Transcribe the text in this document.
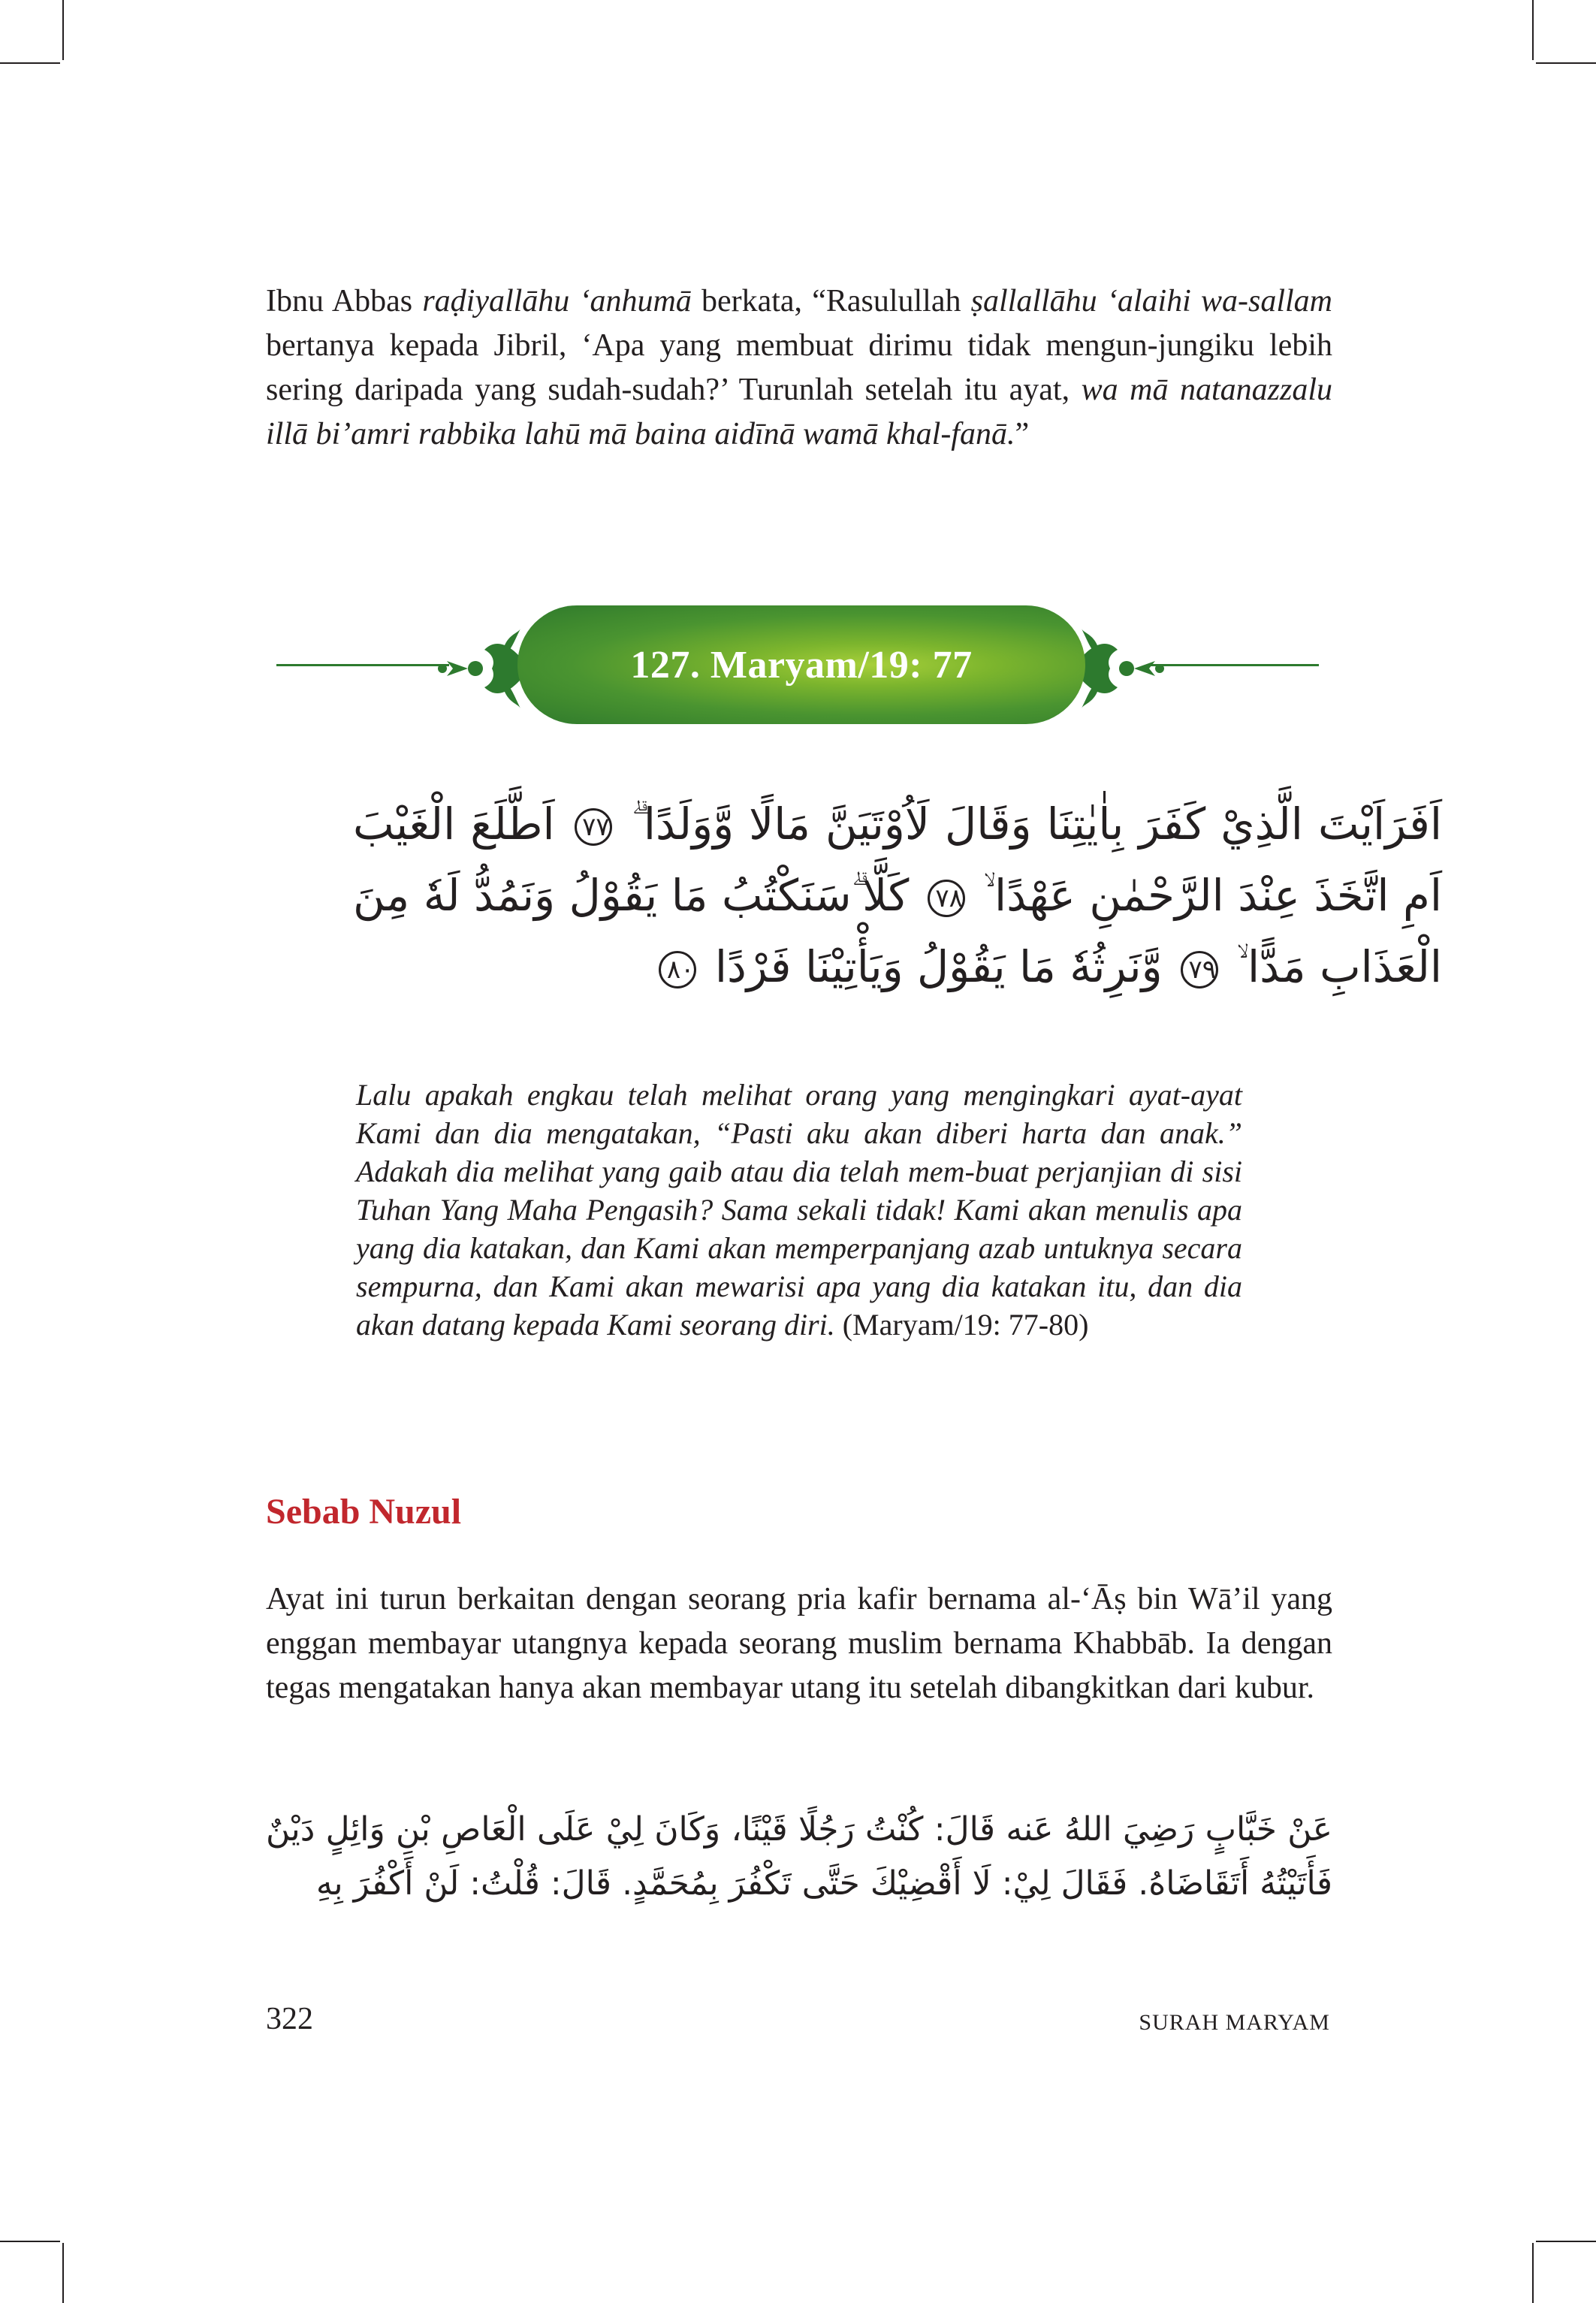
Ibnu Abbas raḍiyallāhu ‘anhumā berkata, “Rasulullah ṣallallāhu ‘alaihi wa-sallam bertanya kepada Jibril, ‘Apa yang membuat dirimu tidak mengun-jungiku lebih sering daripada yang sudah-sudah?’ Turunlah setelah itu ayat, wa mā natanazzalu illā bi’amri rabbika lahū mā baina aidīnā wamā khal-fanā.”

127. Maryam/19: 77
اَفَرَاَيْتَ الَّذِيْ كَفَرَ بِاٰيٰتِنَا وَقَالَ لَاُوْتَيَنَّ مَالًا وَّوَلَدًا ۗ ٧٧ اَطَّلَعَ الْغَيْبَ اَمِ اتَّخَذَ عِنْدَ الرَّحْمٰنِ عَهْدًا ۙ ٧٨ كَلَّا ۗسَنَكْتُبُ مَا يَقُوْلُ وَنَمُدُّ لَهٗ مِنَ الْعَذَابِ مَدًّا ۙ ٧٩ وَّنَرِثُهٗ مَا يَقُوْلُ وَيَأْتِيْنَا فَرْدًا ٨٠

Lalu apakah engkau telah melihat orang yang mengingkari ayat-ayat Kami dan dia mengatakan, “Pasti aku akan diberi harta dan anak.” Adakah dia melihat yang gaib atau dia telah mem-buat perjanjian di sisi Tuhan Yang Maha Pengasih? Sama sekali tidak! Kami akan menulis apa yang dia katakan, dan Kami akan memperpanjang azab untuknya secara sempurna, dan Kami akan mewarisi apa yang dia katakan itu, dan dia akan datang kepada Kami seorang diri. (Maryam/19: 77-80)

Sebab Nuzul

Ayat ini turun berkaitan dengan seorang pria kafir bernama al-‘Āṣ bin Wā’il yang enggan membayar utangnya kepada seorang muslim bernama Khabbāb. Ia dengan tegas mengatakan hanya akan membayar utang itu setelah dibangkitkan dari kubur.

عَنْ خَبَّابٍ رَضِيَ اللهُ عَنه قَالَ: كُنْتُ رَجُلًا قَيْنًا، وَكَانَ لِيْ عَلَى الْعَاصِ بْنِ وَائِلٍ دَيْنٌ فَأَتَيْتُهُ أَتَقَاضَاهُ. فَقَالَ لِيْ: لَا أَقْضِيْكَ حَتَّى تَكْفُرَ بِمُحَمَّدٍ. قَالَ: قُلْتُ: لَنْ أَكْفُرَ بِهِ
322	SURAH MARYAM
